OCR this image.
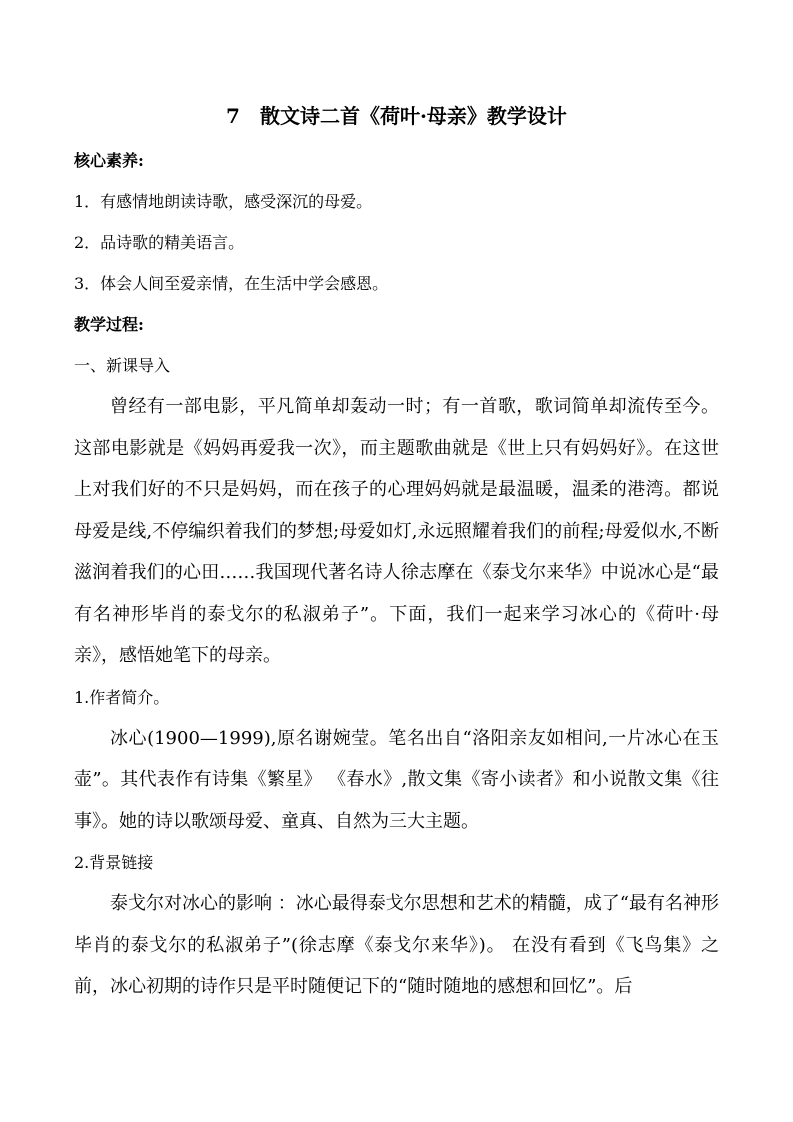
7　散文诗二首《荷叶·母亲》教学设计

核心素养:

1．有感情地朗读诗歌，感受深沉的母爱。

2．品诗歌的精美语言。

3．体会人间至爱亲情，在生活中学会感恩。

教学过程:

一、新课导入

曾经有一部电影，平凡简单却轰动一时；有一首歌，歌词简单却流传至今。这部电影就是《妈妈再爱我一次》，而主题歌曲就是《世上只有妈妈好》。在这世上对我们好的不只是妈妈，而在孩子的心理妈妈就是最温暖，温柔的港湾。都说母爱是线,不停编织着我们的梦想;母爱如灯,永远照耀着我们的前程;母爱似水,不断滋润着我们的心田……我国现代著名诗人徐志摩在《泰戈尔来华》中说冰心是“最有名神形毕肖的泰戈尔的私淑弟子”。下面，我们一起来学习冰心的《荷叶·母亲》，感悟她笔下的母亲。

1.作者简介。

冰心(1900—1999),原名谢婉莹。笔名出自“洛阳亲友如相问,一片冰心在玉壶”。其代表作有诗集《繁星》 《春水》,散文集《寄小读者》和小说散文集《往事》。她的诗以歌颂母爱、童真、自然为三大主题。

2.背景链接

泰戈尔对冰心的影响 ：冰心最得泰戈尔思想和艺术的精髓，成了“最有名神形毕肖的泰戈尔的私淑弟子”(徐志摩《泰戈尔来华》)。 在没有看到《飞鸟集》之前，冰心初期的诗作只是平时随便记下的“随时随地的感想和回忆”。后
